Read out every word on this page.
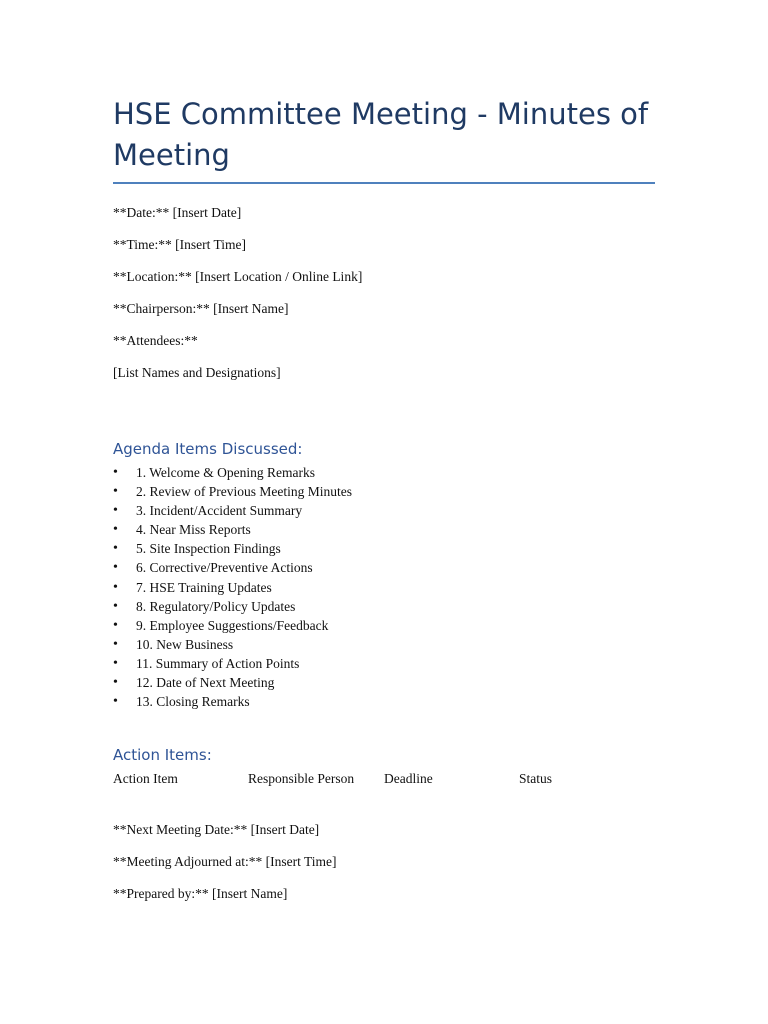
HSE Committee Meeting - Minutes of Meeting

**Date:** [Insert Date]

**Time:** [Insert Time]

**Location:** [Insert Location / Online Link]

**Chairperson:** [Insert Name]

**Attendees:**

[List Names and Designations]

Agenda Items Discussed:
• 1. Welcome & Opening Remarks
• 2. Review of Previous Meeting Minutes
• 3. Incident/Accident Summary
• 4. Near Miss Reports
• 5. Site Inspection Findings
• 6. Corrective/Preventive Actions
• 7. HSE Training Updates
• 8. Regulatory/Policy Updates
• 9. Employee Suggestions/Feedback
• 10. New Business
• 11. Summary of Action Points
• 12. Date of Next Meeting
• 13. Closing Remarks
Action Items:
Action Item	Responsible Person	Deadline	Status

**Next Meeting Date:** [Insert Date]

**Meeting Adjourned at:** [Insert Time]

**Prepared by:** [Insert Name]
